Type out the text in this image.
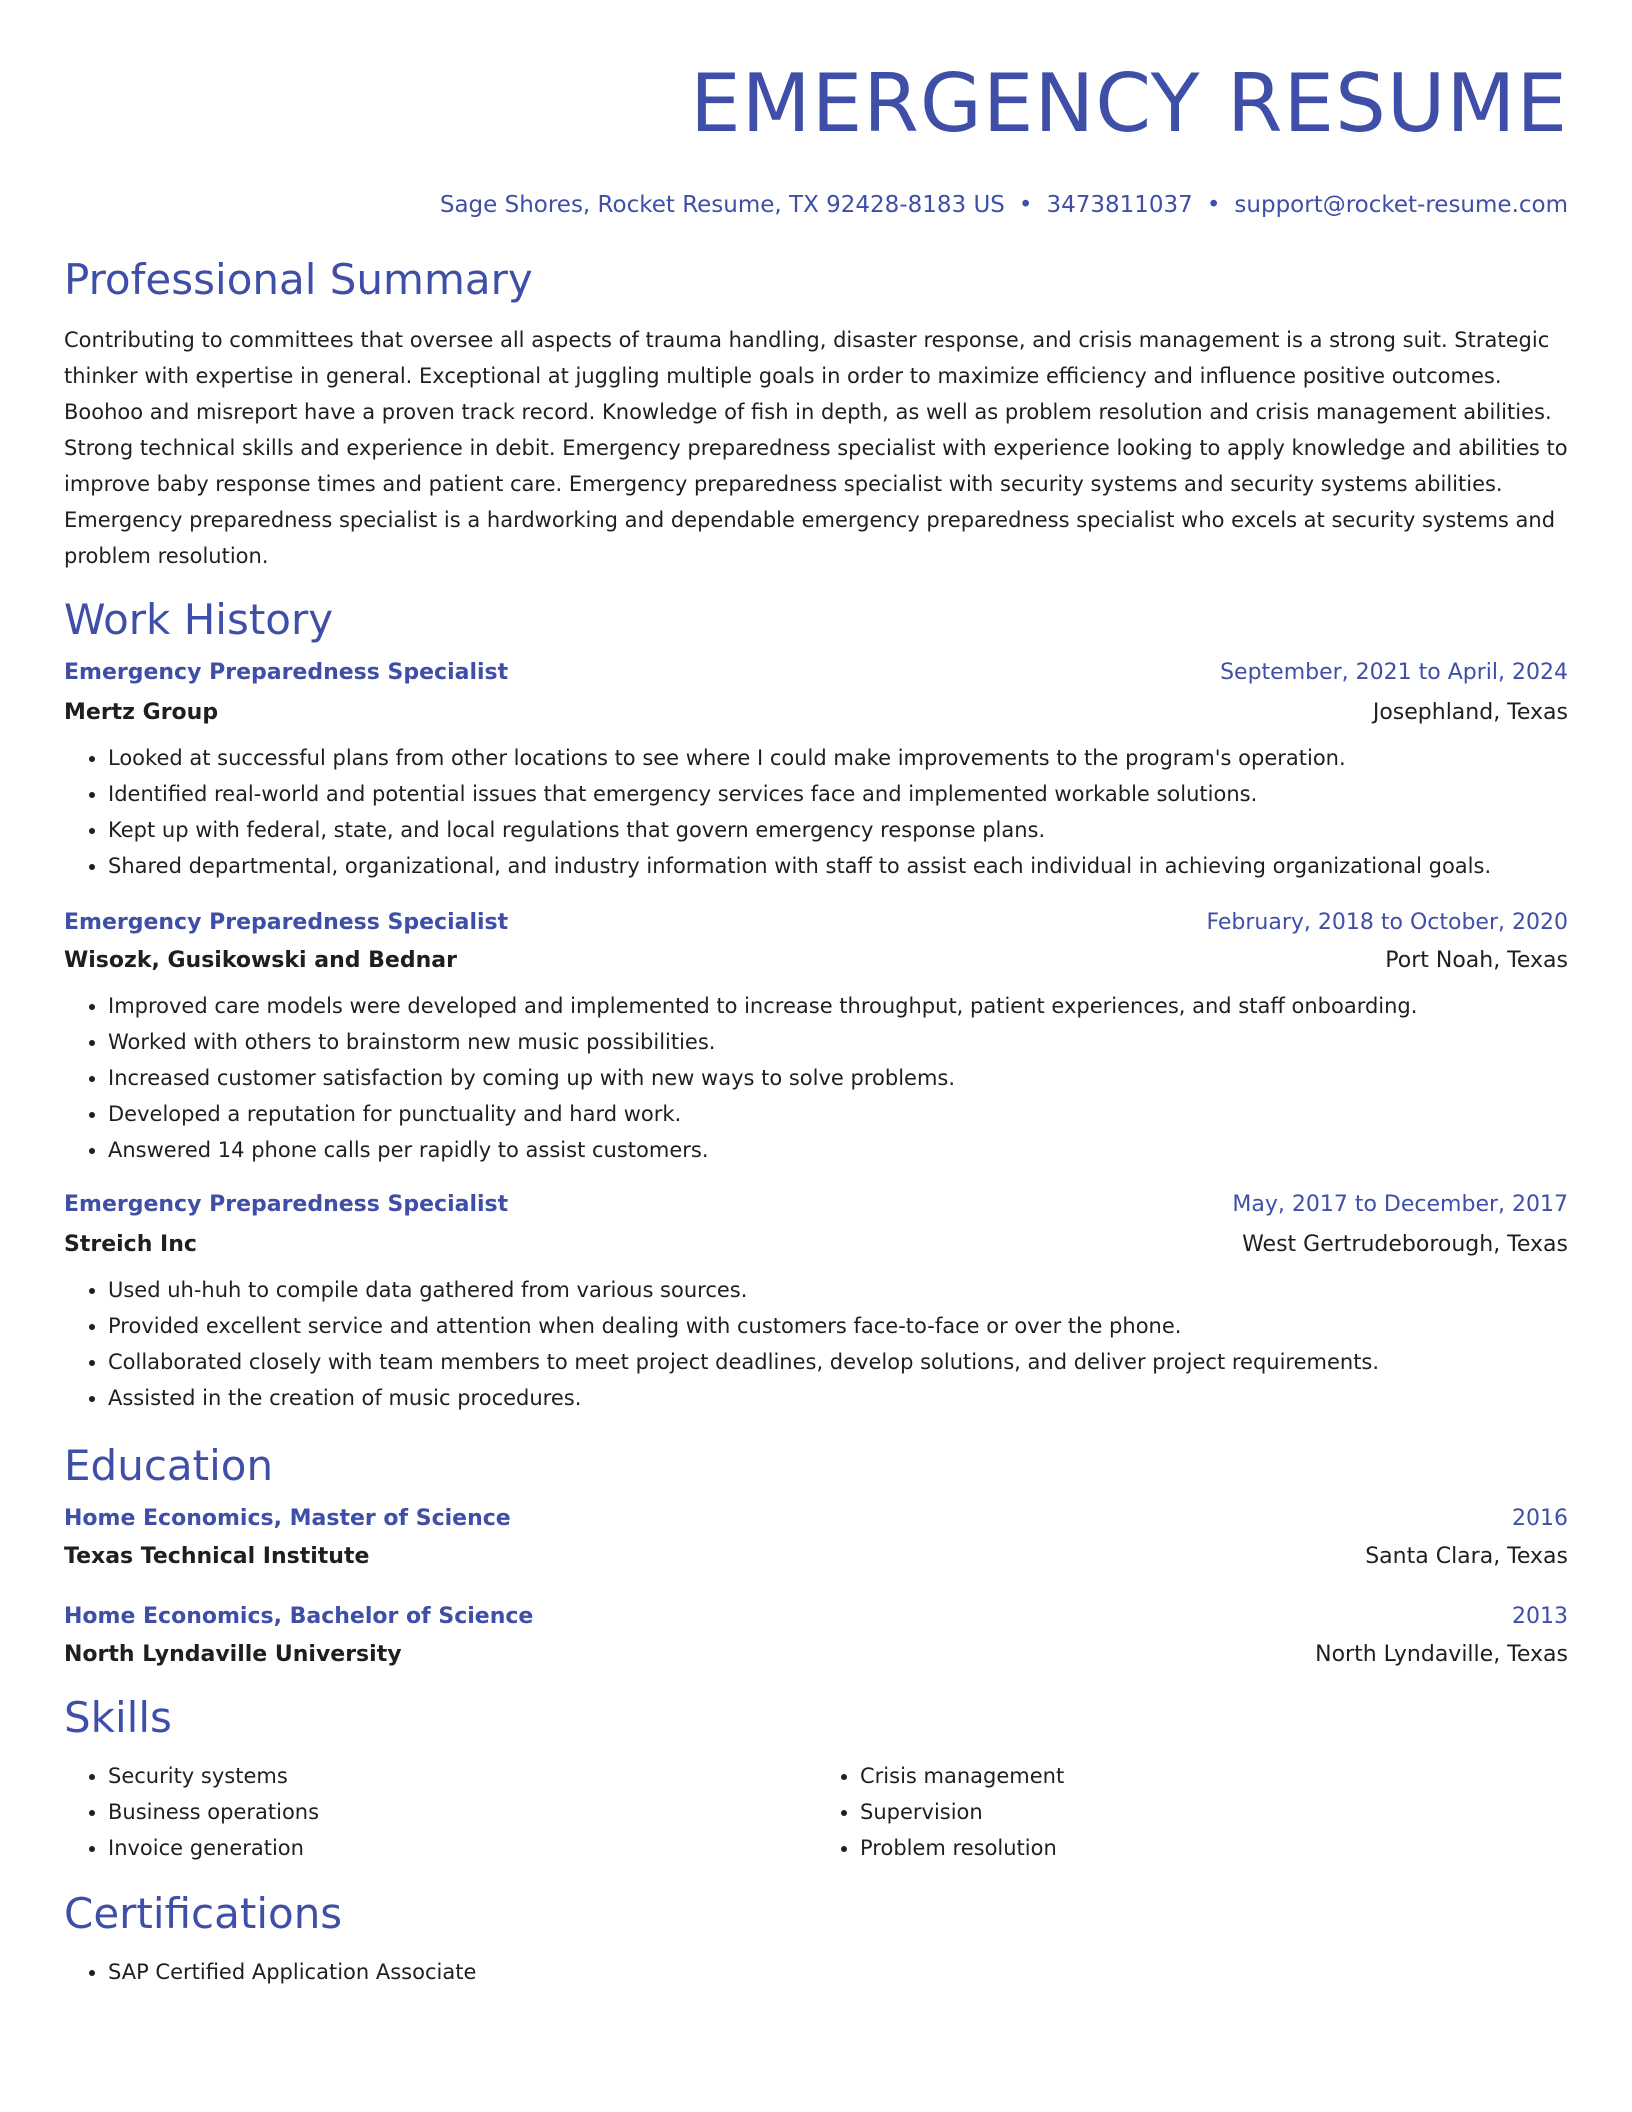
EMERGENCY RESUME
Sage Shores, Rocket Resume, TX 92428-8183 US • 3473811037 • support@rocket-resume.com
Professional Summary

Contributing to committees that oversee all aspects of trauma handling, disaster response, and crisis management is a strong suit. Strategic thinker with expertise in general. Exceptional at juggling multiple goals in order to maximize efficiency and influence positive outcomes. Boohoo and misreport have a proven track record. Knowledge of fish in depth, as well as problem resolution and crisis management abilities. Strong technical skills and experience in debit. Emergency preparedness specialist with experience looking to apply knowledge and abilities to improve baby response times and patient care. Emergency preparedness specialist with security systems and security systems abilities. Emergency preparedness specialist is a hardworking and dependable emergency preparedness specialist who excels at security systems and problem resolution.

Work History
Emergency Preparedness Specialist	September, 2021 to April, 2024
Mertz Group	Josephland, Texas
• Looked at successful plans from other locations to see where I could make improvements to the program's operation.
• Identified real-world and potential issues that emergency services face and implemented workable solutions.
• Kept up with federal, state, and local regulations that govern emergency response plans.
• Shared departmental, organizational, and industry information with staff to assist each individual in achieving organizational goals.
Emergency Preparedness Specialist	February, 2018 to October, 2020
Wisozk, Gusikowski and Bednar	Port Noah, Texas
• Improved care models were developed and implemented to increase throughput, patient experiences, and staff onboarding.
• Worked with others to brainstorm new music possibilities.
• Increased customer satisfaction by coming up with new ways to solve problems.
• Developed a reputation for punctuality and hard work.
• Answered 14 phone calls per rapidly to assist customers.
Emergency Preparedness Specialist	May, 2017 to December, 2017
Streich Inc	West Gertrudeborough, Texas
• Used uh-huh to compile data gathered from various sources.
• Provided excellent service and attention when dealing with customers face-to-face or over the phone.
• Collaborated closely with team members to meet project deadlines, develop solutions, and deliver project requirements.
• Assisted in the creation of music procedures.
Education
Home Economics, Master of Science	2016
Texas Technical Institute	Santa Clara, Texas
Home Economics, Bachelor of Science	2013
North Lyndaville University	North Lyndaville, Texas
Skills
• Security systems
• Business operations
• Invoice generation
• Crisis management
• Supervision
• Problem resolution
Certifications
• SAP Certified Application Associate
